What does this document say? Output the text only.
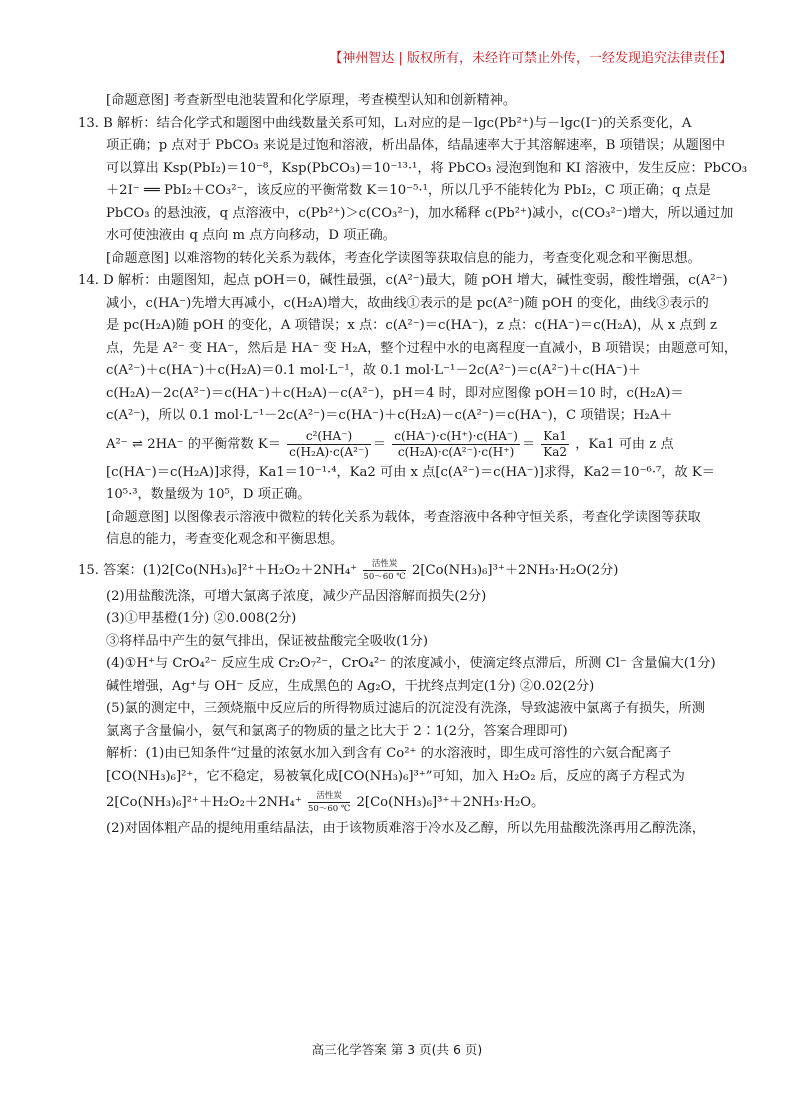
【神州智达 | 版权所有，未经许可禁止外传，一经发现追究法律责任】
[命题意图] 考查新型电池装置和化学原理，考查模型认知和创新精神。
13. B 解析：结合化学式和题图中曲线数量关系可知，L₁对应的是－lgc(Pb²⁺)与－lgc(I⁻)的关系变化，A
项正确；p 点对于 PbCO₃ 来说是过饱和溶液，析出晶体，结晶速率大于其溶解速率，B 项错误；从题图中
可以算出 Ksp(PbI₂)＝10⁻⁸，Ksp(PbCO₃)＝10⁻¹³·¹，将 PbCO₃ 浸泡到饱和 KI 溶液中，发生反应：PbCO₃
＋2I⁻ ══ PbI₂＋CO₃²⁻，该反应的平衡常数 K＝10⁻⁵·¹，所以几乎不能转化为 PbI₂，C 项正确；q 点是
PbCO₃ 的悬浊液，q 点溶液中，c(Pb²⁺)＞c(CO₃²⁻)，加水稀释 c(Pb²⁺)减小，c(CO₃²⁻)增大，所以通过加
水可使浊液由 q 点向 m 点方向移动，D 项正确。
[命题意图] 以难溶物的转化关系为载体，考查化学读图等获取信息的能力，考查变化观念和平衡思想。
14. D 解析：由题图知，起点 pOH＝0，碱性最强，c(A²⁻)最大，随 pOH 增大，碱性变弱，酸性增强，c(A²⁻)
减小，c(HA⁻)先增大再减小，c(H₂A)增大，故曲线①表示的是 pc(A²⁻)随 pOH 的变化，曲线③表示的
是 pc(H₂A)随 pOH 的变化，A 项错误；x 点：c(A²⁻)＝c(HA⁻)，z 点：c(HA⁻)＝c(H₂A)，从 x 点到 z
点，先是 A²⁻ 变 HA⁻，然后是 HA⁻ 变 H₂A，整个过程中水的电离程度一直减小，B 项错误；由题意可知，
c(A²⁻)＋c(HA⁻)＋c(H₂A)＝0.1 mol·L⁻¹，故 0.1 mol·L⁻¹－2c(A²⁻)＝c(A²⁻)＋c(HA⁻)＋
c(H₂A)－2c(A²⁻)＝c(HA⁻)＋c(H₂A)－c(A²⁻)，pH＝4 时，即对应图像 pOH＝10 时，c(H₂A)＝
c(A²⁻)，所以 0.1 mol·L⁻¹－2c(A²⁻)＝c(HA⁻)＋c(H₂A)－c(A²⁻)＝c(HA⁻)，C 项错误；H₂A＋
A²⁻ ⇌ 2HA⁻ 的平衡常数 $K= \frac{\text{c²(HA⁻)}}{\text{c(H₂A)·c(A²⁻)}} = \frac{c(HA^-)\cdot c(H^+)\cdot c(HA^-)}{\text{c(H₂A)·c(A²⁻)·c(H⁺)}} = \frac{Ka1}{Ka2}$ ，Ka1 可由 z 点
[c(HA⁻)＝c(H₂A)]求得，Ka1＝10⁻¹·⁴，Ka2 可由 x 点[c(A²⁻)＝c(HA⁻)]求得，Ka2＝10⁻⁶·⁷，故 K＝
10⁵·³，数量级为 10⁵，D 项正确。
[命题意图] 以图像表示溶液中微粒的转化关系为载体，考查溶液中各种守恒关系，考查化学读图等获取
信息的能力，考查变化观念和平衡思想。
15. 答案：(1)2[Co(NH₃)₆]²⁺＋H₂O₂＋2NH₄⁺	活性炭
50～60 ℃ 2[Co(NH₃)₆]³⁺＋2NH₃·H₂O(2分)
(2)用盐酸洗涤，可增大氯离子浓度，减少产品因溶解而损失(2分)
(3)①甲基橙(1分) ②0.008(2分)
③将样品中产生的氨气排出，保证被盐酸完全吸收(1分)
(4)①H⁺与 CrO₄²⁻ 反应生成 Cr₂O₇²⁻，CrO₄²⁻ 的浓度减小，使滴定终点滞后，所测 Cl⁻ 含量偏大(1分)
碱性增强，Ag⁺与 OH⁻ 反应，生成黑色的 Ag₂O，干扰终点判定(1分) ②0.02(2分)
(5)氯的测定中，三颈烧瓶中反应后的所得物质过滤后的沉淀没有洗涤，导致滤液中氯离子有损失，所测
氯离子含量偏小，氨气和氯离子的物质的量之比大于 2∶1(2分，答案合理即可)
解析：(1)由已知条件“过量的浓氨水加入到含有 Co²⁺ 的水溶液时，即生成可溶性的六氨合配离子
[CO(NH₃)₆]²⁺，它不稳定，易被氧化成[CO(NH₃)₆]³⁺”可知，加入 H₂O₂ 后，反应的离子方程式为
2[Co(NH₃)₆]²⁺＋H₂O₂＋2NH₄⁺	活性炭
50～60 ℃ 2[Co(NH₃)₆]³⁺＋2NH₃·H₂O。
(2)对固体粗产品的提纯用重结晶法，由于该物质难溶于冷水及乙醇，所以先用盐酸洗涤再用乙醇洗涤，
高三化学答案 第 3 页(共 6 页)
